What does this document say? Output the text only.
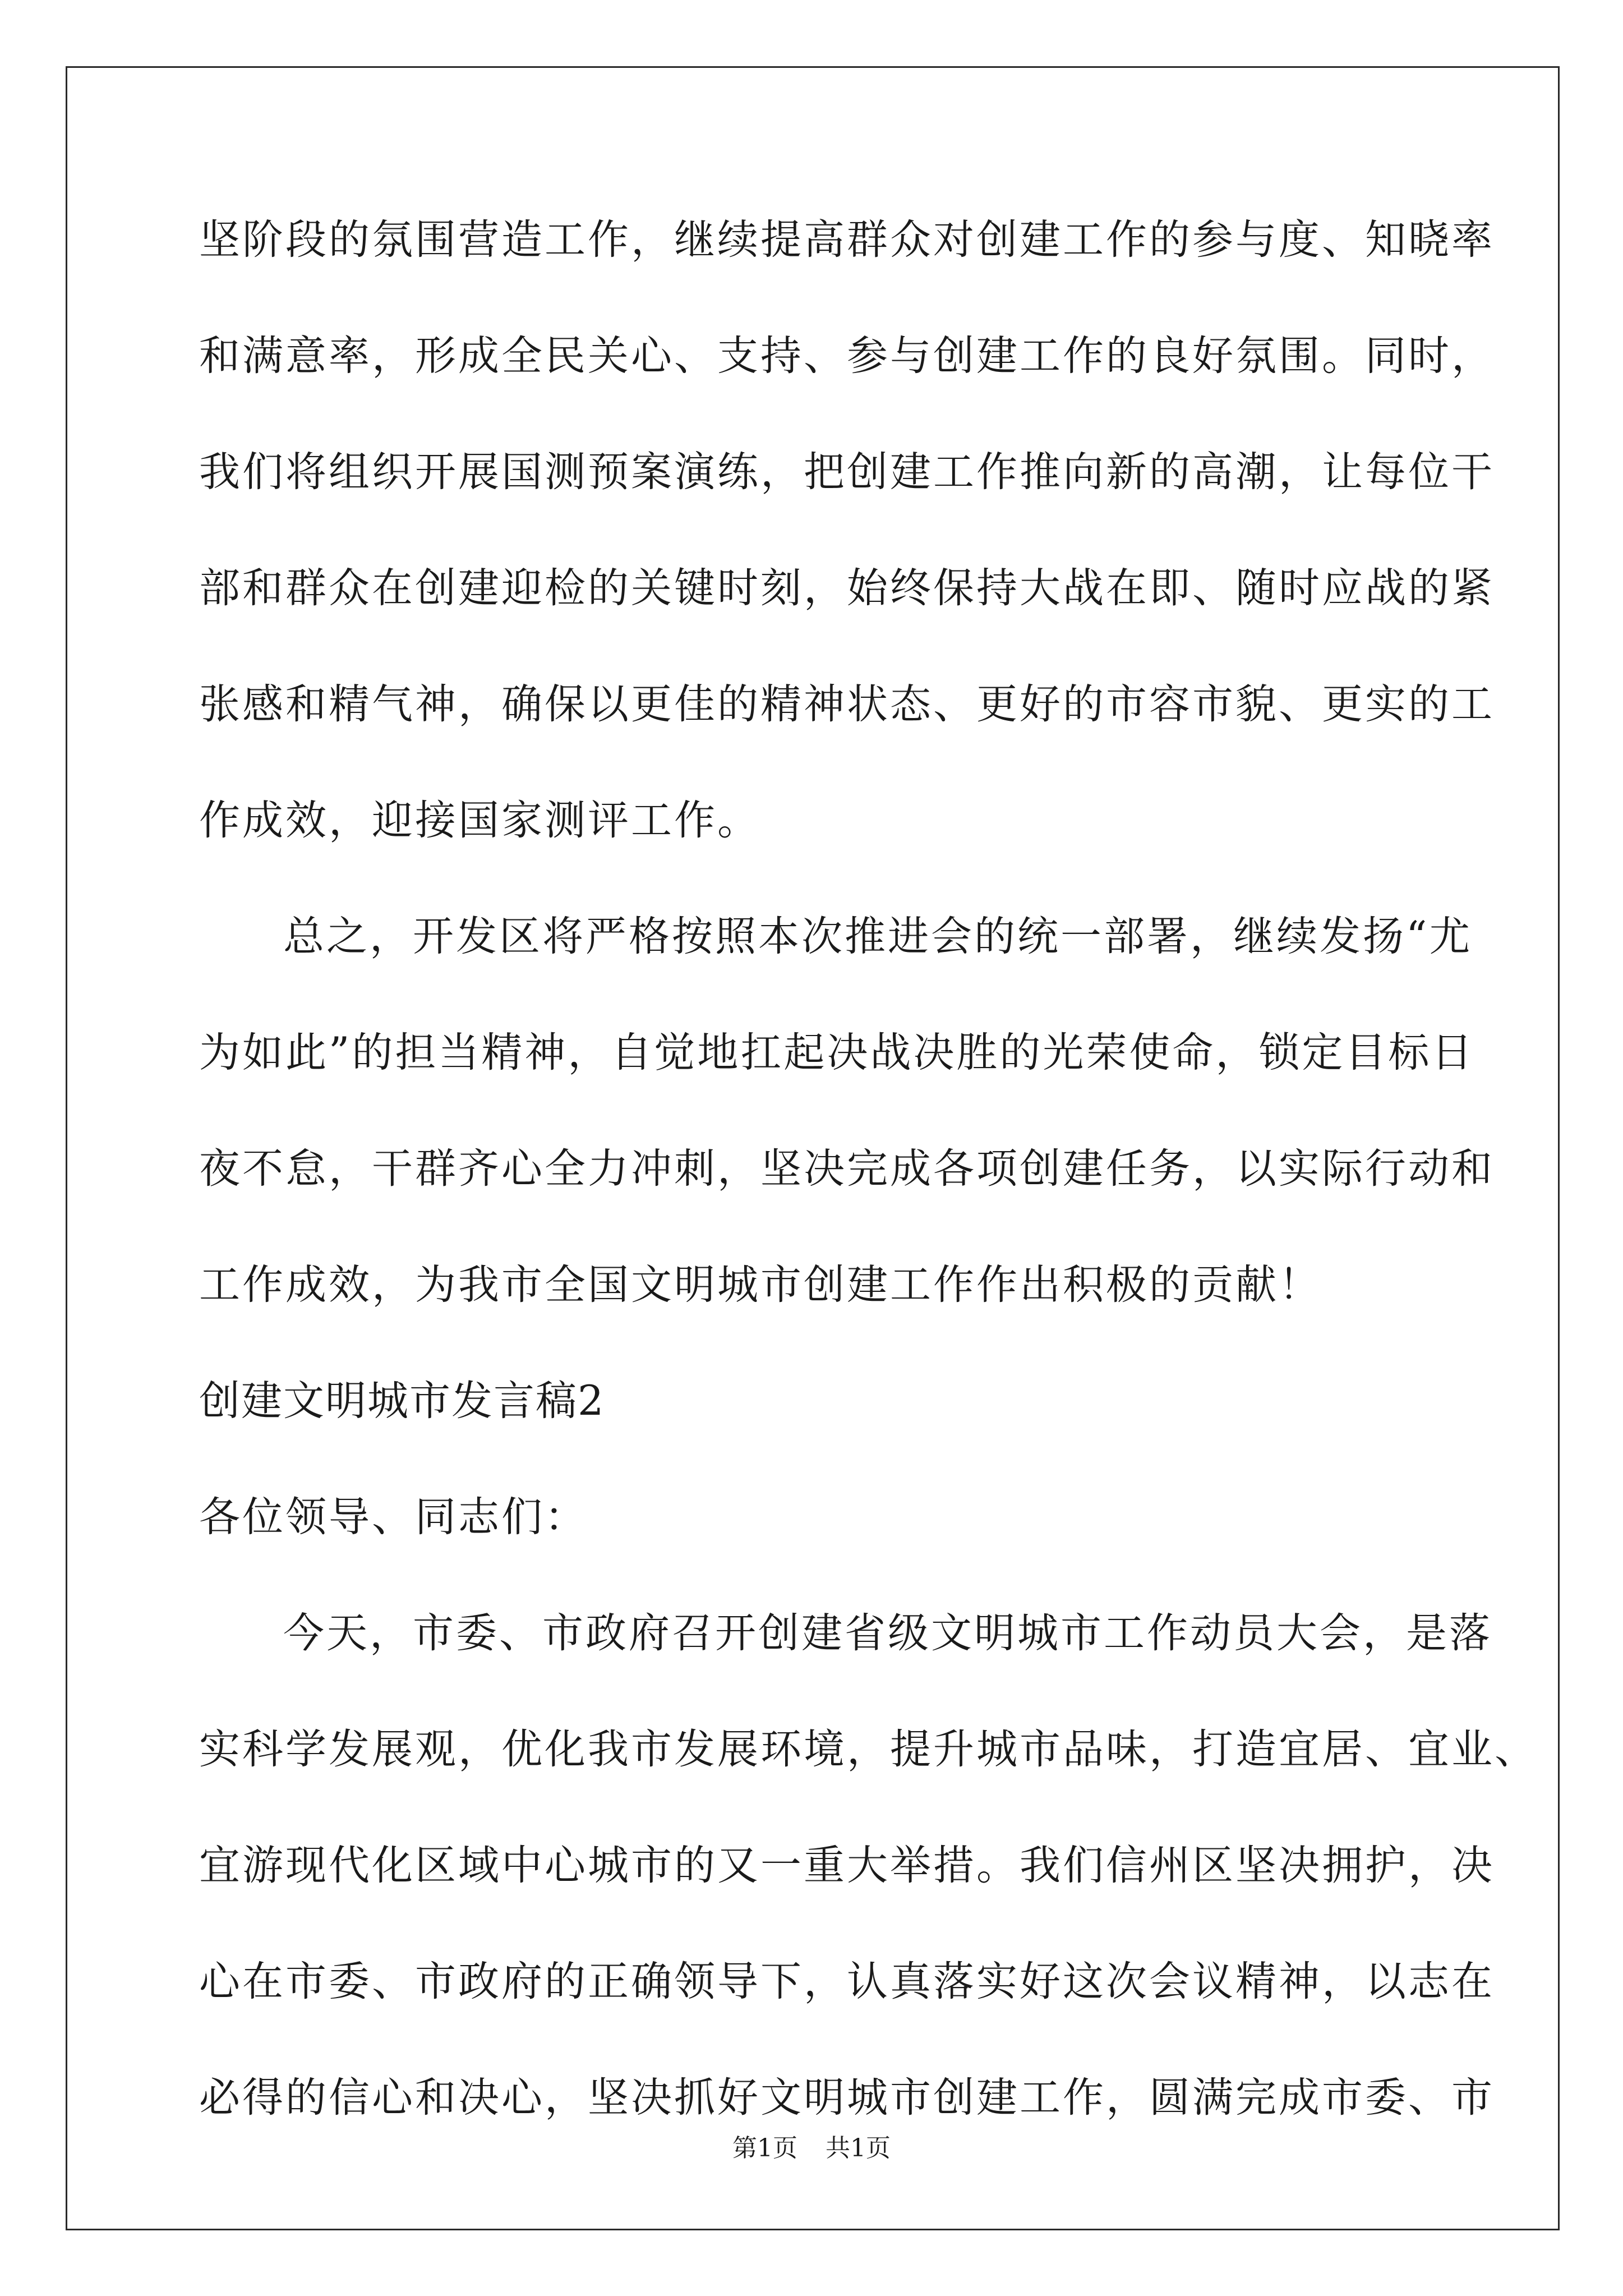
坚阶段的氛围营造工作，继续提高群众对创建工作的参与度、知晓率
和满意率，形成全民关心、支持、参与创建工作的良好氛围。同时，
我们将组织开展国测预案演练，把创建工作推向新的高潮，让每位干
部和群众在创建迎检的关键时刻，始终保持大战在即、随时应战的紧
张感和精气神，确保以更佳的精神状态、更好的市容市貌、更实的工
作成效，迎接国家测评工作。
总之，开发区将严格按照本次推进会的统一部署，继续发扬“尤
为如此”的担当精神，自觉地扛起决战决胜的光荣使命，锁定目标日
夜不怠，干群齐心全力冲刺，坚决完成各项创建任务，以实际行动和
工作成效，为我市全国文明城市创建工作作出积极的贡献！
创建文明城市发言稿2
各位领导、同志们：
今天，市委、市政府召开创建省级文明城市工作动员大会，是落
实科学发展观，优化我市发展环境，提升城市品味，打造宜居、宜业、
宜游现代化区域中心城市的又一重大举措。我们信州区坚决拥护，决
心在市委、市政府的正确领导下，认真落实好这次会议精神，以志在
必得的信心和决心，坚决抓好文明城市创建工作，圆满完成市委、市
第1页 共1页
